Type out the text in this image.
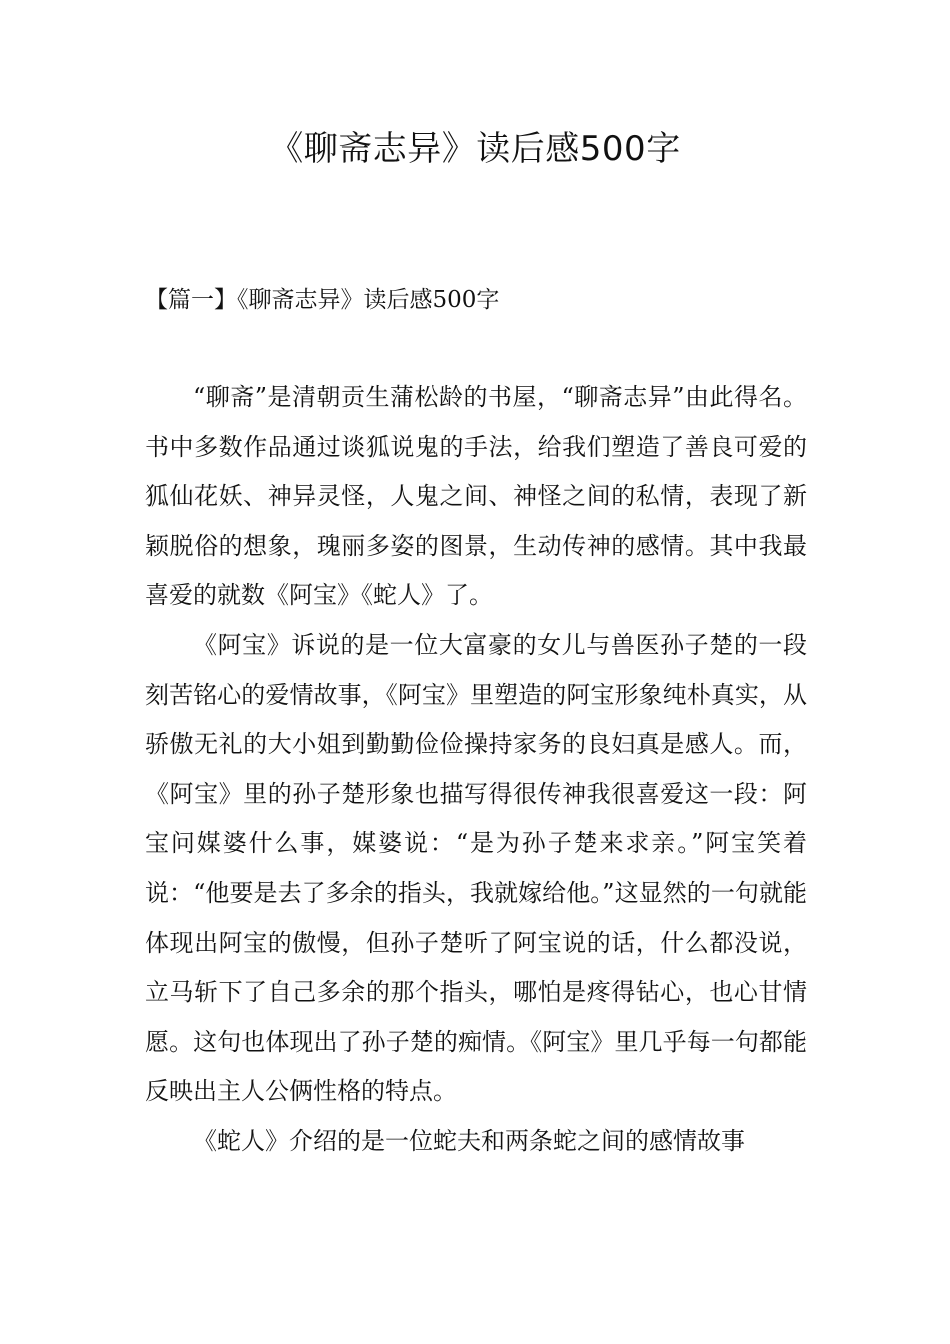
《聊斋志异》读后感500字
【篇一】《聊斋志异》读后感500字

“聊斋”是清朝贡生蒲松龄的书屋，“聊斋志异”由此得名。书中多数作品通过谈狐说鬼的手法，给我们塑造了善良可爱的狐仙花妖、神异灵怪，人鬼之间、神怪之间的私情，表现了新颖脱俗的想象，瑰丽多姿的图景，生动传神的感情。其中我最喜爱的就数《阿宝》《蛇人》了。

《阿宝》诉说的是一位大富豪的女儿与兽医孙子楚的一段刻苦铭心的爱情故事，《阿宝》里塑造的阿宝形象纯朴真实，从骄傲无礼的大小姐到勤勤俭俭操持家务的良妇真是感人。而，《阿宝》里的孙子楚形象也描写得很传神我很喜爱这一段：阿宝问媒婆什么事，媒婆说：“是为孙子楚来求亲。”阿宝笑着说：“他要是去了多余的指头，我就嫁给他。”这显然的一句就能体现出阿宝的傲慢，但孙子楚听了阿宝说的话，什么都没说，立马斩下了自己多余的那个指头，哪怕是疼得钻心，也心甘情愿。这句也体现出了孙子楚的痴情。《阿宝》里几乎每一句都能反映出主人公俩性格的特点。

《蛇人》介绍的是一位蛇夫和两条蛇之间的感情故事
